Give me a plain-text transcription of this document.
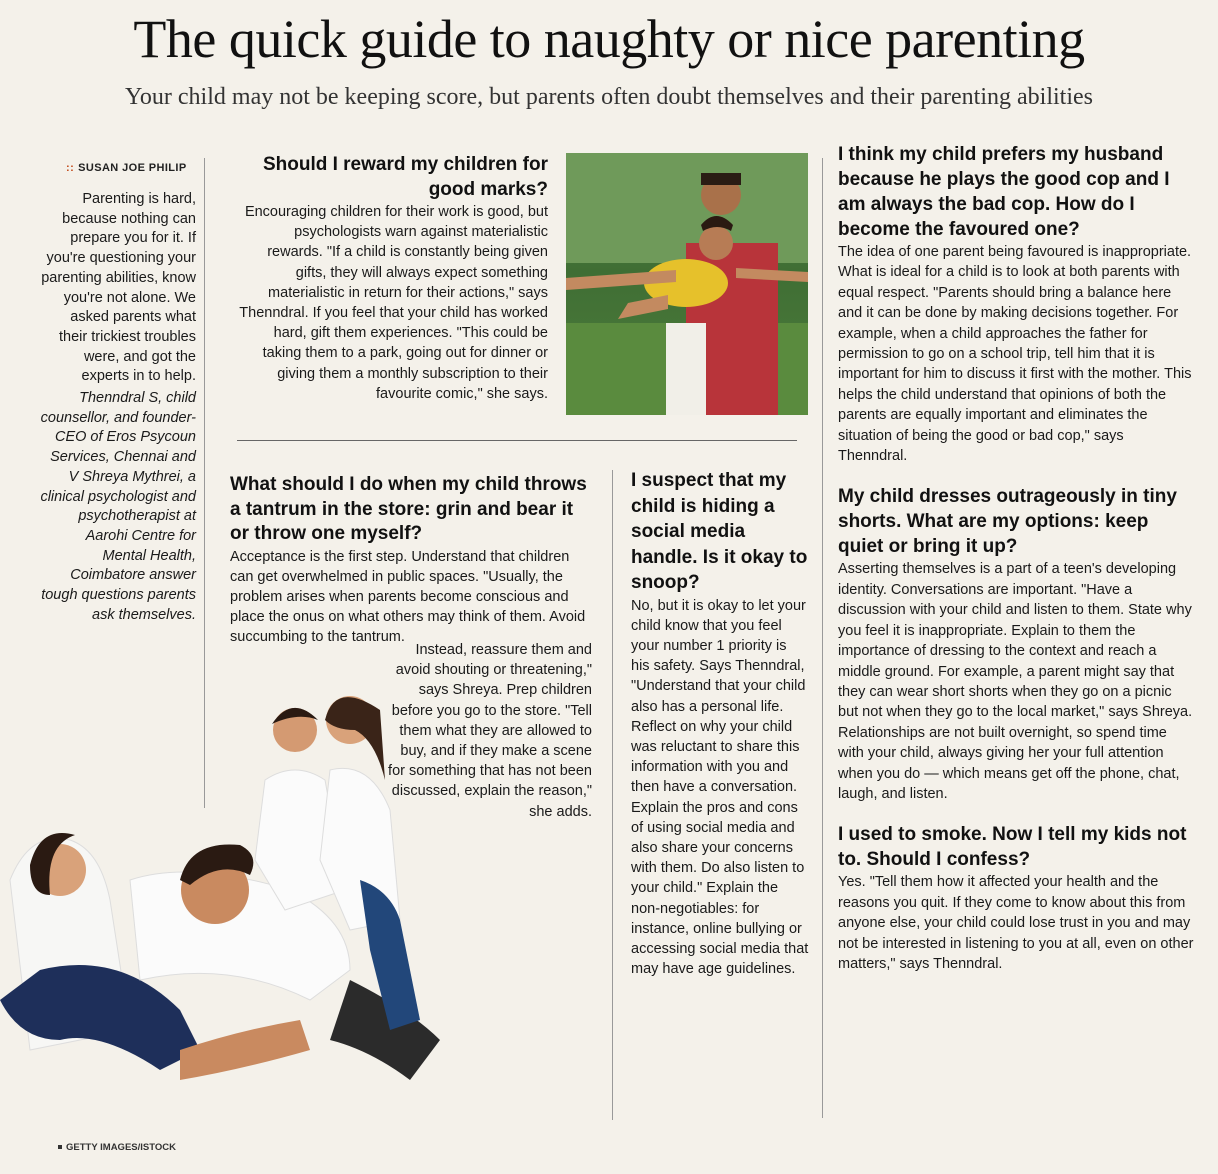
The quick guide to naughty or nice parenting
Your child may not be keeping score, but parents often doubt themselves and their parenting abilities
:: SUSAN JOE PHILIP
Parenting is hard, because nothing can prepare you for it. If you're questioning your parenting abilities, know you're not alone. We asked parents what their trickiest troubles were, and got the experts in to help.
Thenndral S, child counsellor, and founder-CEO of Eros Psycoun Services, Chennai and V Shreya Mythrei, a clinical psychologist and psychotherapist at Aarohi Centre for Mental Health, Coimbatore answer tough questions parents ask themselves.
Should I reward my children for good marks?
Encouraging children for their work is good, but psychologists warn against materialistic rewards. "If a child is constantly being given gifts, they will always expect something materialistic in return for their actions," says Thenndral. If you feel that your child has worked hard, gift them experiences. "This could be taking them to a park, going out for dinner or giving them a monthly subscription to their favourite comic," she says.
What should I do when my child throws a tantrum in the store: grin and bear it or throw one myself?
Acceptance is the first step. Understand that children can get overwhelmed in public spaces. "Usually, the problem arises when parents become conscious and place the onus on what others may think of them. Avoid succumbing to the tantrum.
Instead, reassure them and avoid shouting or threatening," says Shreya. Prep children before you go to the store. "Tell them what they are allowed to buy, and if they make a scene for something that has not been discussed, explain the reason," she adds.
I suspect that my child is hiding a social media handle. Is it okay to snoop?
No, but it is okay to let your child know that you feel your number 1 priority is his safety. Says Thenndral, "Understand that your child also has a personal life. Reflect on why your child was reluctant to share this information with you and then have a conversation. Explain the pros and cons of using social media and also share your concerns with them. Do also listen to your child." Explain the non-negotiables: for instance, online bullying or accessing social media that may have age guidelines.
I think my child prefers my husband because he plays the good cop and I am always the bad cop. How do I become the favoured one?
The idea of one parent being favoured is inappropriate. What is ideal for a child is to look at both parents with equal respect. "Parents should bring a balance here and it can be done by making decisions together. For example, when a child approaches the father for permission to go on a school trip, tell him that it is important for him to discuss it first with the mother. This helps the child understand that opinions of both the parents are equally important and eliminates the situation of being the good or bad cop," says Thenndral.
My child dresses outrageously in tiny shorts. What are my options: keep quiet or bring it up?
Asserting themselves is a part of a teen's developing identity. Conversations are important. "Have a discussion with your child and listen to them. State why you feel it is inappropriate. Explain to them the importance of dressing to the context and reach a middle ground. For example, a parent might say that they can wear short shorts when they go on a picnic but not when they go to the local market," says Shreya. Relationships are not built overnight, so spend time with your child, always giving her your full attention when you do — which means get off the phone, chat, laugh, and listen.
I used to smoke. Now I tell my kids not to. Should I confess?
Yes. "Tell them how it affected your health and the reasons you quit. If they come to know about this from anyone else, your child could lose trust in you and may not be interested in listening to you at all, even on other matters," says Thenndral.
GETTY IMAGES/ISTOCK
